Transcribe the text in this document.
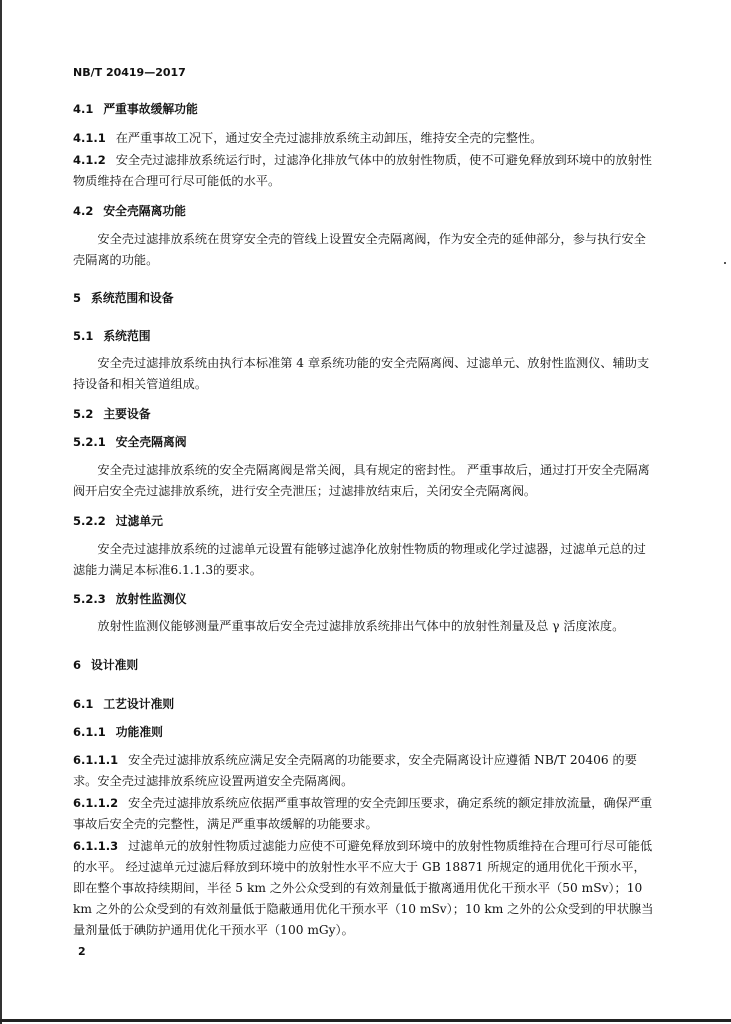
NB/T 20419—2017

4.1 严重事故缓解功能

4.1.1 在严重事故工况下，通过安全壳过滤排放系统主动卸压，维持安全壳的完整性。

4.1.2 安全壳过滤排放系统运行时，过滤净化排放气体中的放射性物质，使不可避免释放到环境中的放射性物质维持在合理可行尽可能低的水平。

4.2 安全壳隔离功能

安全壳过滤排放系统在贯穿安全壳的管线上设置安全壳隔离阀，作为安全壳的延伸部分，参与执行安全壳隔离的功能。

5 系统范围和设备

5.1 系统范围

安全壳过滤排放系统由执行本标准第 4 章系统功能的安全壳隔离阀、过滤单元、放射性监测仪、辅助支持设备和相关管道组成。

5.2 主要设备

5.2.1 安全壳隔离阀

安全壳过滤排放系统的安全壳隔离阀是常关阀，具有规定的密封性。 严重事故后，通过打开安全壳隔离阀开启安全壳过滤排放系统，进行安全壳泄压；过滤排放结束后，关闭安全壳隔离阀。

5.2.2 过滤单元

安全壳过滤排放系统的过滤单元设置有能够过滤净化放射性物质的物理或化学过滤器，过滤单元总的过滤能力满足本标准6.1.1.3的要求。

5.2.3 放射性监测仪

放射性监测仪能够测量严重事故后安全壳过滤排放系统排出气体中的放射性剂量及总 γ 活度浓度。

6 设计准则

6.1 工艺设计准则

6.1.1 功能准则

6.1.1.1 安全壳过滤排放系统应满足安全壳隔离的功能要求，安全壳隔离设计应遵循 NB/T 20406 的要求。安全壳过滤排放系统应设置两道安全壳隔离阀。

6.1.1.2 安全壳过滤排放系统应依据严重事故管理的安全壳卸压要求，确定系统的额定排放流量，确保严重事故后安全壳的完整性，满足严重事故缓解的功能要求。

6.1.1.3 过滤单元的放射性物质过滤能力应使不可避免释放到环境中的放射性物质维持在合理可行尽可能低的水平。 经过滤单元过滤后释放到环境中的放射性水平不应大于 GB 18871 所规定的通用优化干预水平，即在整个事故持续期间，半径 5 km 之外公众受到的有效剂量低于撤离通用优化干预水平（50 mSv）；10 km 之外的公众受到的有效剂量低于隐蔽通用优化干预水平（10 mSv）；10 km 之外的公众受到的甲状腺当量剂量低于碘防护通用优化干预水平（100 mGy）。

2
